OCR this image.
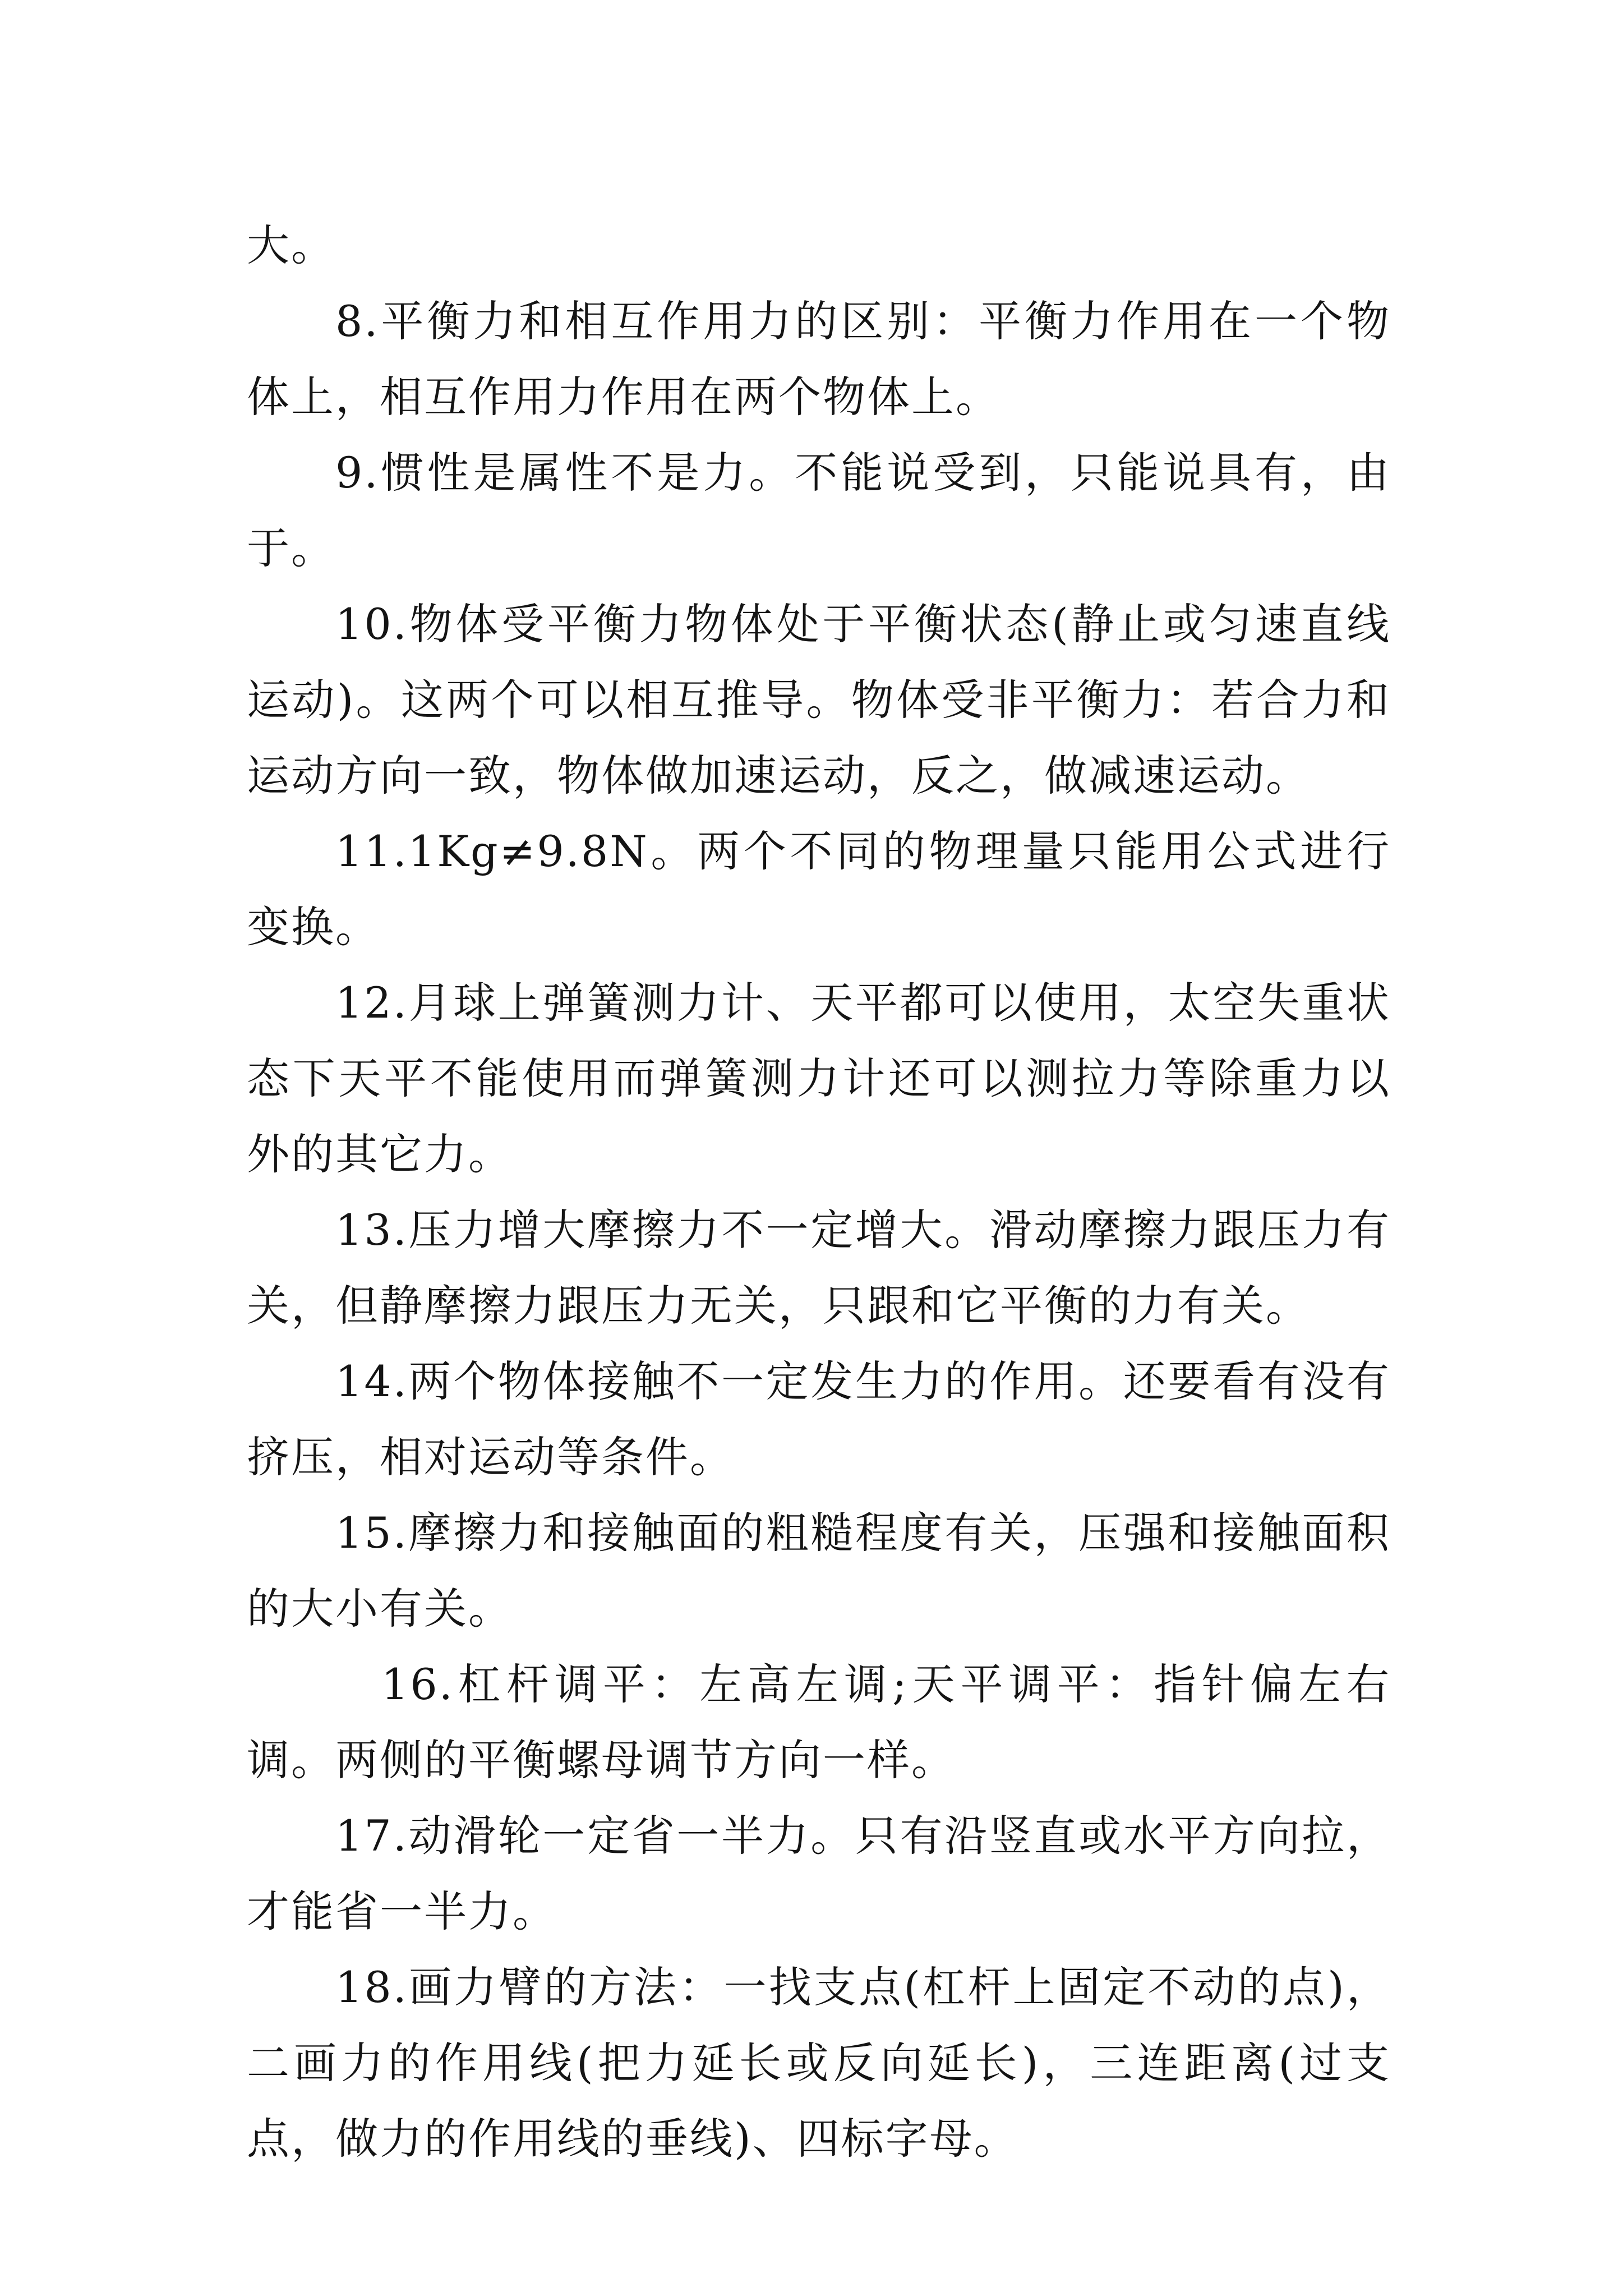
大。

8.平衡力和相互作用力的区别：平衡力作用在一个物体上，相互作用力作用在两个物体上。

9.惯性是属性不是力。不能说受到，只能说具有，由于。

10.物体受平衡力物体处于平衡状态(静止或匀速直线运动)。这两个可以相互推导。物体受非平衡力：若合力和运动方向一致，物体做加速运动，反之，做减速运动。

11.1Kg≠9.8N。两个不同的物理量只能用公式进行变换。

12.月球上弹簧测力计、天平都可以使用，太空失重状态下天平不能使用而弹簧测力计还可以测拉力等除重力以外的其它力。

13.压力增大摩擦力不一定增大。滑动摩擦力跟压力有关，但静摩擦力跟压力无关，只跟和它平衡的力有关。

14.两个物体接触不一定发生力的作用。还要看有没有挤压，相对运动等条件。

15.摩擦力和接触面的粗糙程度有关，压强和接触面积的大小有关。

16.杠杆调平：左高左调;天平调平：指针偏左右调。两侧的平衡螺母调节方向一样。

17.动滑轮一定省一半力。只有沿竖直或水平方向拉，才能省一半力。

18.画力臂的方法：一找支点(杠杆上固定不动的点)，二画力的作用线(把力延长或反向延长)，三连距离(过支点，做力的作用线的垂线)、四标字母。
